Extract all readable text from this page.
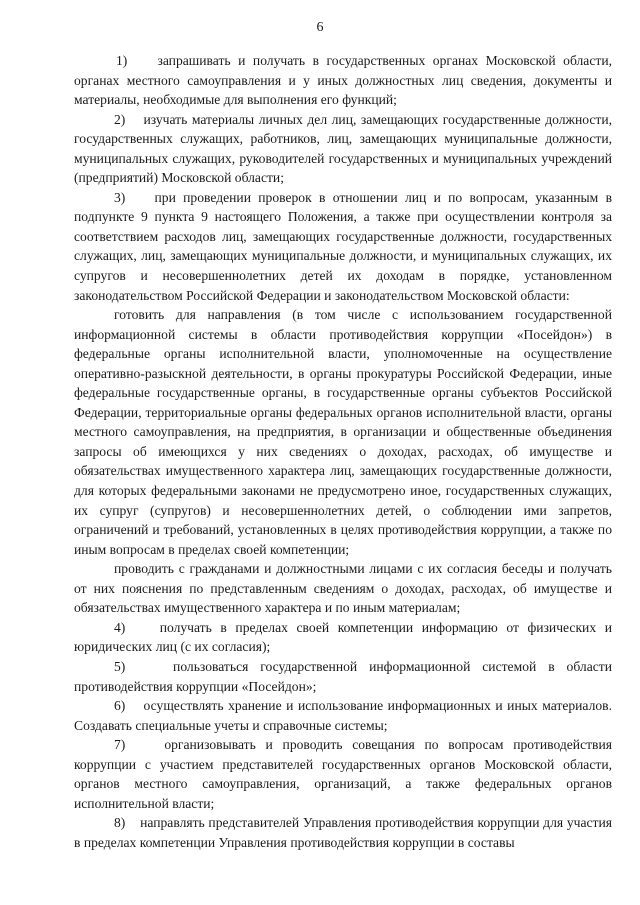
6

1)    запрашивать и получать в государственных органах Московской области, органах местного самоуправления и у иных должностных лиц сведения, документы и материалы, необходимые для выполнения его функций;

2)    изучать материалы личных дел лиц, замещающих государственные должности, государственных служащих, работников, лиц, замещающих муниципальные должности, муниципальных служащих, руководителей государственных и муниципальных учреждений (предприятий) Московской области;

3)    при проведении проверок в отношении лиц и по вопросам, указанным в подпункте 9 пункта 9 настоящего Положения, а также при осуществлении контроля за соответствием расходов лиц, замещающих государственные должности, государственных служащих, лиц, замещающих муниципальные должности, и муниципальных служащих, их супругов и несовершеннолетних детей их доходам в порядке, установленном законодательством Российской Федерации и законодательством Московской области:

готовить для направления (в том числе с использованием государственной информационной системы в области противодействия коррупции «Посейдон») в федеральные органы исполнительной власти, уполномоченные на осуществление оперативно-разыскной деятельности, в органы прокуратуры Российской Федерации, иные федеральные государственные органы, в государственные органы субъектов Российской Федерации, территориальные органы федеральных органов исполнительной власти, органы местного самоуправления, на предприятия, в организации и общественные объединения запросы об имеющихся у них сведениях о доходах, расходах, об имуществе и обязательствах имущественного характера лиц, замещающих государственные должности, для которых федеральными законами не предусмотрено иное, государственных служащих, их супруг (супругов) и несовершеннолетних детей, о соблюдении ими запретов, ограничений и требований, установленных в целях противодействия коррупции, а также по иным вопросам в пределах своей компетенции;

проводить с гражданами и должностными лицами с их согласия беседы и получать от них пояснения по представленным сведениям о доходах, расходах, об имуществе и обязательствах имущественного характера и по иным материалам;

4)    получать в пределах своей компетенции информацию от физических и юридических лиц (с их согласия);

5)    пользоваться государственной информационной системой в области противодействия коррупции «Посейдон»;

6)    осуществлять хранение и использование информационных и иных материалов. Создавать специальные учеты и справочные системы;

7)    организовывать и проводить совещания по вопросам противодействия коррупции с участием представителей государственных органов Московской области, органов местного самоуправления, организаций, а также федеральных органов исполнительной власти;

8)    направлять представителей Управления противодействия коррупции для участия в пределах компетенции Управления противодействия коррупции в составы
